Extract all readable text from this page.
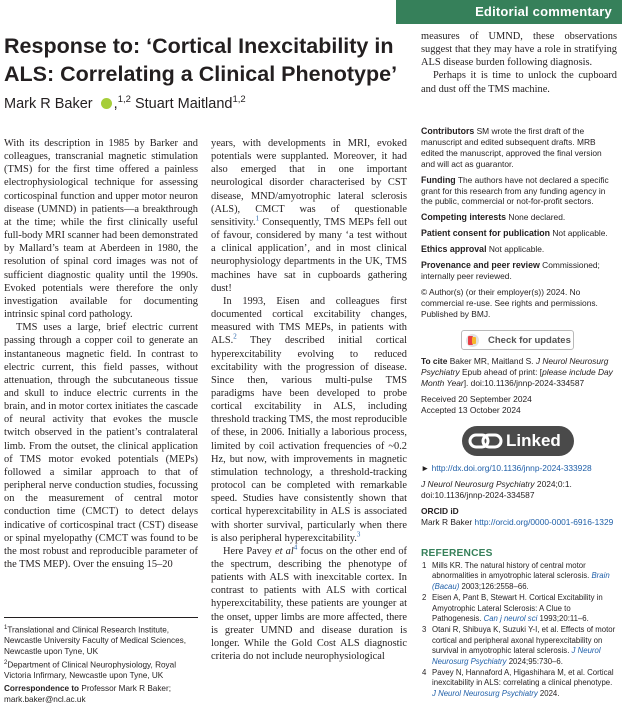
Editorial commentary
Response to: ‘Cortical Inexcitability in ALS: Correlating a Clinical Phenotype’
Mark R Baker ,$^{1,2}$ Stuart Maitland$^{1,2}$

With its description in 1985 by Barker and colleagues, transcranial magnetic stimulation (TMS) for the first time offered a painless electrophysiological technique for assessing corticospinal function and upper motor neuron disease (UMND) in patients—a breakthrough at the time; while the first clinically useful full-body MRI scanner had been demonstrated by Mallard’s team at Aberdeen in 1980, the resolution of spinal cord images was not of sufficient diagnostic quality until the 1990s. Evoked potentials were therefore the only investigation available for documenting intrinsic spinal cord pathology.

TMS uses a large, brief electric current passing through a copper coil to generate an instantaneous magnetic field. In contrast to electric current, this field passes, without attenuation, through the subcutaneous tissue and skull to induce electric currents in the brain, and in motor cortex initiates the cascade of neural activity that evokes the muscle twitch observed in the patient’s contralateral limb. From the outset, the clinical application of TMS motor evoked potentials (MEPs) followed a similar approach to that of peripheral nerve conduction studies, focussing on the measurement of central motor conduction time (CMCT) to detect delays indicative of corticospinal tract (CST) disease or spinal myelopathy (CMCT was found to be the most robust and reproducible parameter of the TMS MEP). Over the ensuing 15–20

years, with developments in MRI, evoked potentials were supplanted. Moreover, it had also emerged that in one important neurological disorder characterised by CST disease, MND/amyotrophic lateral sclerosis (ALS), CMCT was of questionable sensitivity.$^1$ Consequently, TMS MEPs fell out of favour, considered by many ‘a test without a clinical application’, and in most clinical neurophysiology departments in the UK, TMS machines have sat in cupboards gathering dust!

In 1993, Eisen and colleagues first documented cortical excitability changes, measured with TMS MEPs, in patients with ALS.$^2$ They described initial cortical hyperexcitability evolving to reduced excitability with the progression of disease. Since then, various multi-pulse TMS paradigms have been developed to probe cortical excitability in ALS, including threshold tracking TMS, the most reproducible of these, in 2006. Initially a laborious process, limited by coil activation frequencies of ~0.2 Hz, but now, with improvements in magnetic stimulation technology, a threshold-tracking protocol can be completed with remarkable speed. Studies have consistently shown that cortical hyperexcitability in ALS is associated with shorter survival, particularly when there is also peripheral hyperexcitability.$^3$

Here Pavey et $al^4$ focus on the other end of the spectrum, describing the phenotype of patients with ALS with inexcitable cortex. In contrast to patients with ALS with cortical hyperexcitability, these patients are younger at the onset, upper limbs are more affected, there is greater UMND and disease duration is longer. While the Gold Cost ALS diagnostic criteria do not include neurophysiological

measures of UMND, these observations suggest that they may have a role in stratifying ALS disease burden following diagnosis.

Perhaps it is time to unlock the cupboard and dust off the TMS machine.

$^1$Translational and Clinical Research Institute, Newcastle University Faculty of Medical Sciences, Newcastle upon Tyne, UK
$^2$Department of Clinical Neurophysiology, Royal Victoria Infirmary, Newcastle upon Tyne, UK
Correspondence to Professor Mark R Baker; mark.baker@ncl.ac.uk
Contributors SM wrote the first draft of the manuscript and edited subsequent drafts. MRB edited the manuscript, approved the final version and will act as guarantor.
Funding The authors have not declared a specific grant for this research from any funding agency in the public, commercial or not-for-profit sectors.
Competing interests None declared.
Patient consent for publication Not applicable.
Ethics approval Not applicable.
Provenance and peer review Commissioned; internally peer reviewed.
© Author(s) (or their employer(s)) 2024. No commercial re-use. See rights and permissions. Published by BMJ.
Check for updates
To cite Baker MR, Maitland S. J Neurol Neurosurg Psychiatry Epub ahead of print: [please include Day Month Year]. doi:10.1136/jnnp-2024-334587
Received 20 September 2024
Accepted 13 October 2024
Linked
► http://dx.doi.org/10.1136/jnnp-2024-333928
J Neurol Neurosurg Psychiatry 2024;0:1.
doi:10.1136/jnnp-2024-334587
ORCID iD
Mark R Baker http://orcid.org/0000-0001-6916-1329
REFERENCES
1 Mills KR. The natural history of central motor abnormalities in amyotrophic lateral sclerosis. Brain (Bacau) 2003;126:2558–66.
2 Eisen A, Pant B, Stewart H. Cortical Excitability in Amyotrophic Lateral Sclerosis: A Clue to Pathogenesis. Can j neurol sci 1993;20:11–6.
3 Otani R, Shibuya K, Suzuki Y-I, et al. Effects of motor cortical and peripheral axonal hyperexcitability on survival in amyotrophic lateral sclerosis. J Neurol Neurosurg Psychiatry 2024;95:730–6.
4 Pavey N, Hannaford A, Higashihara M, et al. Cortical inexcitability in ALS: correlating a clinical phenotype. J Neurol Neurosurg Psychiatry 2024.
